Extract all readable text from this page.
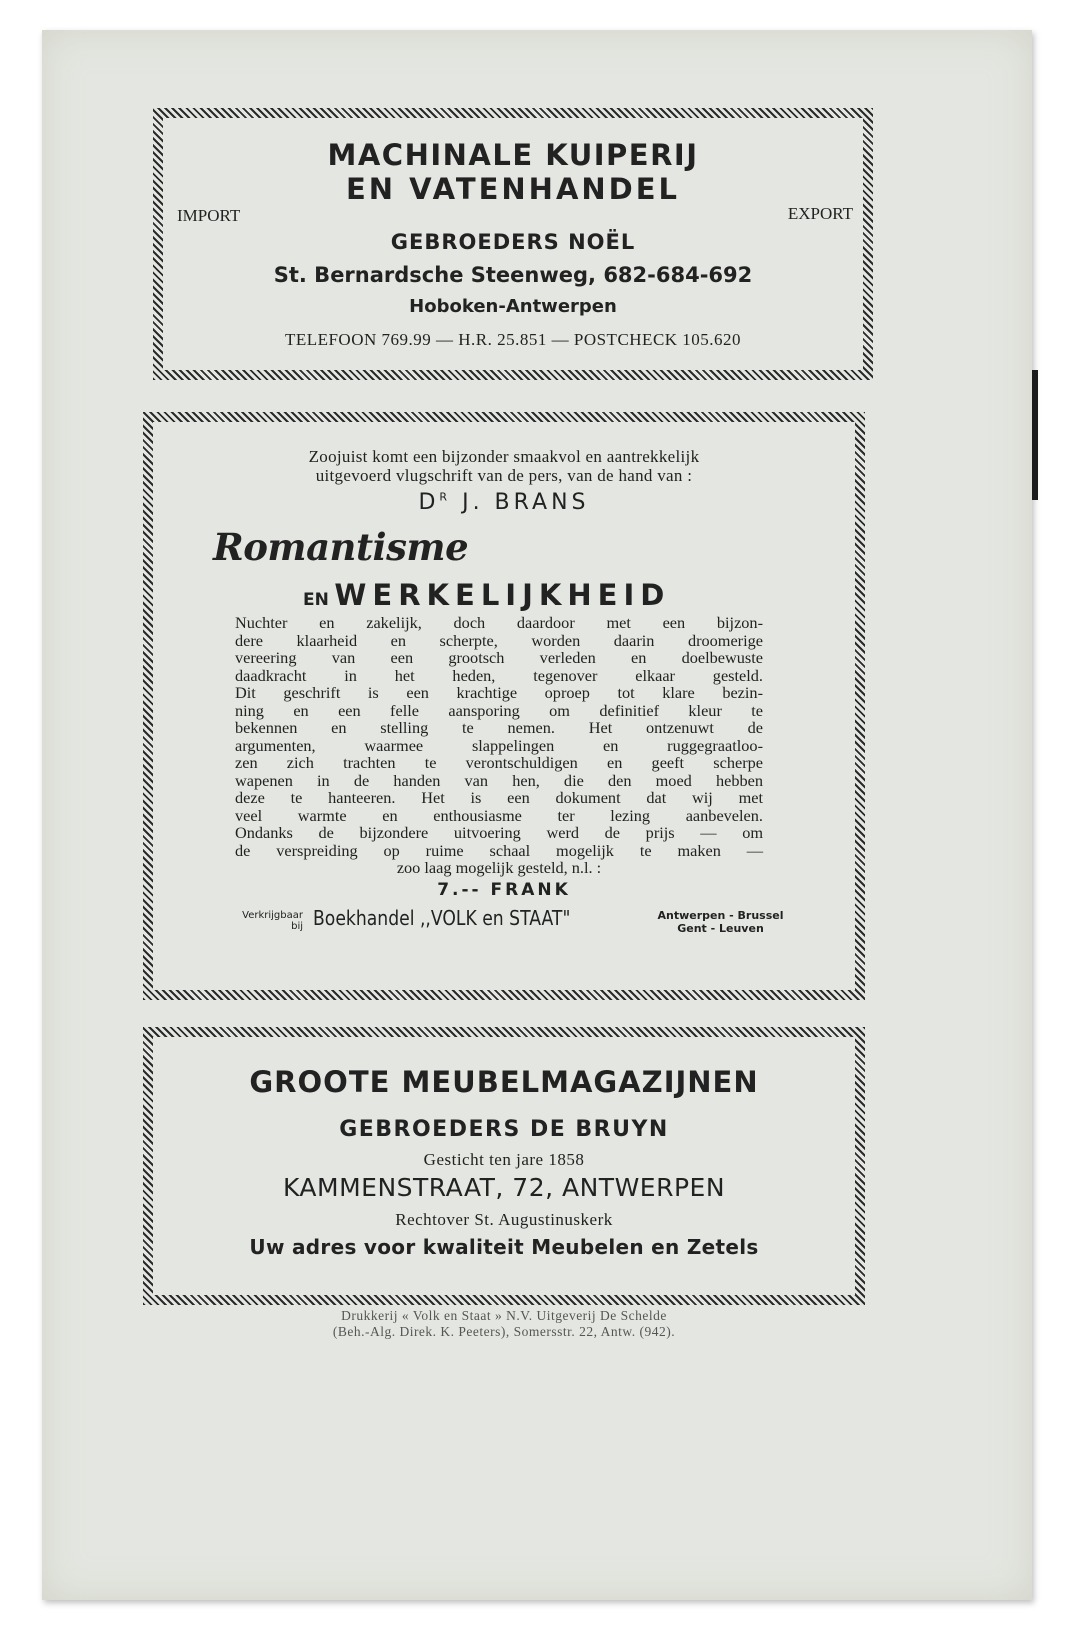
MACHINALE KUIPERIJ
EN VATENHANDEL
IMPORT	EXPORT
GEBROEDERS NOËL
St. Bernardsche Steenweg, 682-684-692
Hoboken-Antwerpen
TELEFOON 769.99 — H.R. 25.851 — POSTCHECK 105.620
Zoojuist komt een bijzonder smaakvol en aantrekkelijk
uitgevoerd vlugschrift van de pers, van de hand van :
$D^R$ J. BRANS
Romantisme
EN WERKELIJKHEID
Nuchter en zakelijk, doch daardoor met een bijzon-
dere klaarheid en scherpte, worden daarin droomerige
vereering van een grootsch verleden en doelbewuste
daadkracht in het heden, tegenover elkaar gesteld.
Dit geschrift is een krachtige oproep tot klare bezin-
ning en een felle aansporing om definitief kleur te
bekennen en stelling te nemen. Het ontzenuwt de
argumenten, waarmee slappelingen en ruggegraatloo-
zen zich trachten te verontschuldigen en geeft scherpe
wapenen in de handen van hen, die den moed hebben
deze te hanteeren. Het is een dokument dat wij met
veel warmte en enthousiasme ter lezing aanbevelen.
Ondanks de bijzondere uitvoering werd de prijs — om
de verspreiding op ruime schaal mogelijk te maken —
zoo laag mogelijk gesteld, n.l. :
7.-- FRANK
Verkrijgbaar
bij Boekhandel ,,VOLK en STAAT"	Antwerpen - Brussel
Gent - Leuven
GROOTE MEUBELMAGAZIJNEN
GEBROEDERS DE BRUYN
Gesticht ten jare 1858
KAMMENSTRAAT, 72, ANTWERPEN
Rechtover St. Augustinuskerk
Uw adres voor kwaliteit Meubelen en Zetels
Drukkerij « Volk en Staat » N.V. Uitgeverij De Schelde
(Beh.-Alg. Direk. K. Peeters), Somersstr. 22, Antw. (942).
